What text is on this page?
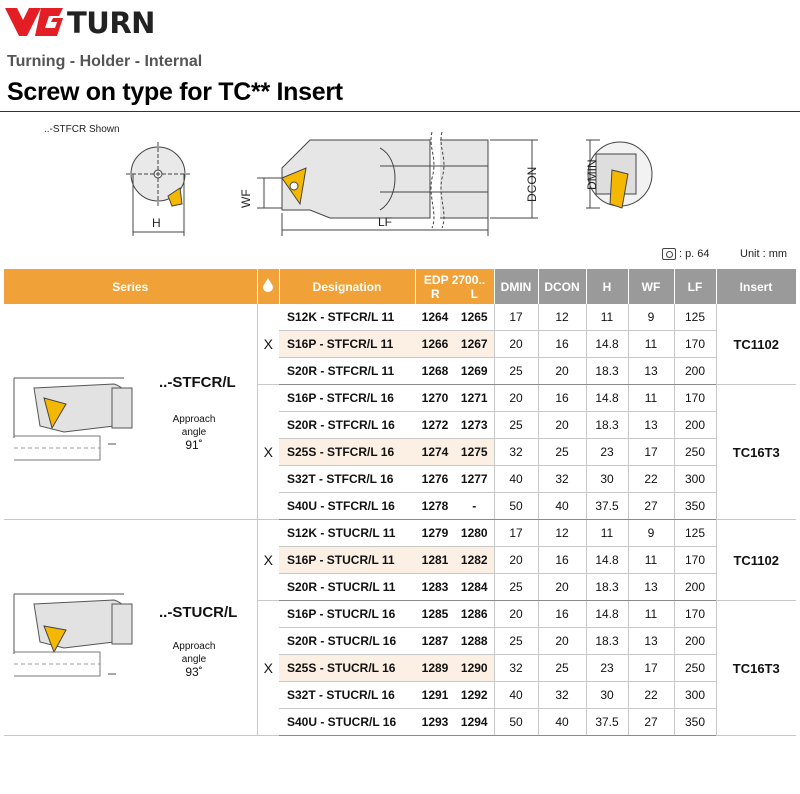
TURN
Turning - Holder - Internal
Screw on type for TC** Insert
..-STFCR Shown
H
WF
LF
DCON	DMIN
: p. 64	Unit : mm
Series		Designation	EDP 2700..
R L		DMIN	DCON	H	WF	LF	Insert

..-STFCR/L
Approach angle
91˚	X	S12K - STFCR/L 11	1264	1265	17	12	11	9	125	TC1102
		S16P - STFCR/L 11	1266	1267	20	16	14.8	11	170	
		S20R - STFCR/L 11	1268	1269	25	20	18.3	13	200	
	X	S16P - STFCR/L 16	1270	1271	20	16	14.8	11	170	TC16T3
		S20R - STFCR/L 16	1272	1273	25	20	18.3	13	200	
		S25S - STFCR/L 16	1274	1275	32	25	23	17	250	
		S32T - STFCR/L 16	1276	1277	40	32	30	22	300	
		S40U - STFCR/L 16	1278	-	50	40	37.5	27	350	

..-STUCR/L
Approach angle
93˚	X	S12K - STUCR/L 11	1279	1280	17	12	11	9	125	TC1102
		S16P - STUCR/L 11	1281	1282	20	16	14.8	11	170	
		S20R - STUCR/L 11	1283	1284	25	20	18.3	13	200	
	X	S16P - STUCR/L 16	1285	1286	20	16	14.8	11	170	TC16T3
		S20R - STUCR/L 16	1287	1288	25	20	18.3	13	200	
		S25S - STUCR/L 16	1289	1290	32	25	23	17	250	
		S32T - STUCR/L 16	1291	1292	40	32	30	22	300	
		S40U - STUCR/L 16	1293	1294	50	40	37.5	27	350	
